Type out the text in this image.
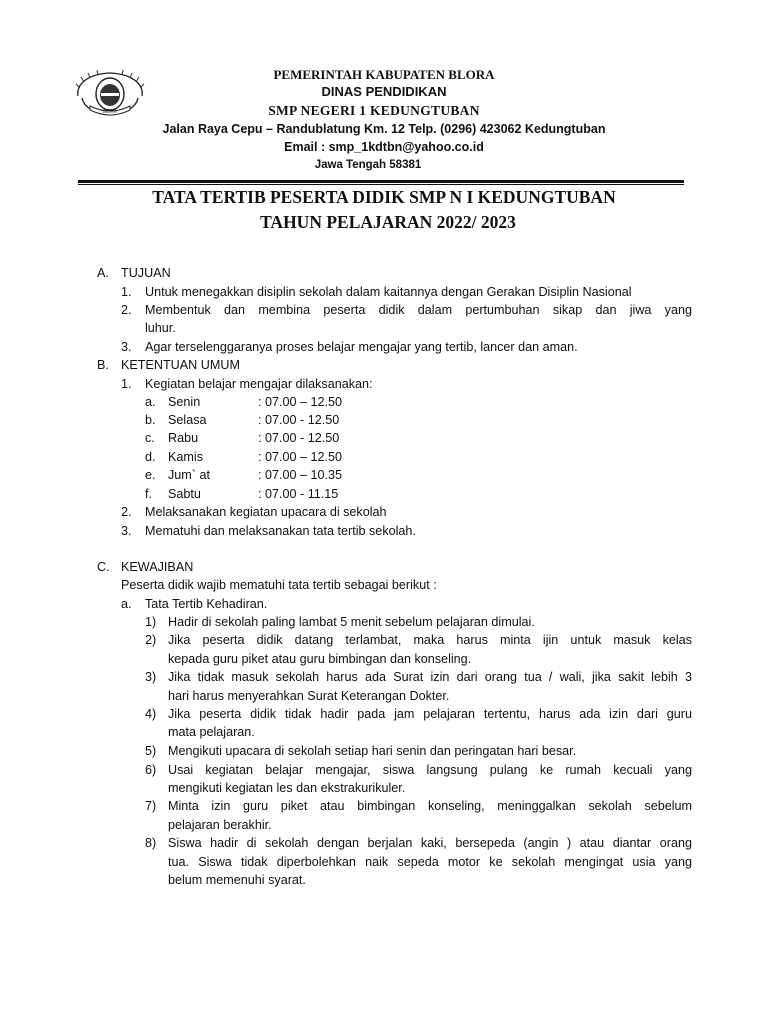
BLORA
PEMERINTAH KABUPATEN BLORA
DINAS PENDIDIKAN
SMP NEGERI 1 KEDUNGTUBAN
Jalan Raya Cepu – Randublatung Km. 12 Telp. (0296) 423062 Kedungtuban
Email : smp_1kdtbn@yahoo.co.id
Jawa Tengah 58381
TATA TERTIB PESERTA DIDIK SMP N I KEDUNGTUBAN
TAHUN PELAJARAN 2022/ 2023
A. TUJUAN
1. Untuk menegakkan disiplin sekolah dalam kaitannya dengan Gerakan Disiplin Nasional
2. Membentuk dan membina peserta didik dalam pertumbuhan sikap dan jiwa yang
luhur.
3. Agar terselenggaranya proses belajar mengajar yang tertib, lancer dan aman.
B. KETENTUAN UMUM
1. Kegiatan belajar mengajar dilaksanakan:
a. Senin	: 07.00 – 12.50
b. Selasa	: 07.00 - 12.50
c. Rabu	: 07.00 - 12.50
d. Kamis	: 07.00 – 12.50
e. Jum` at	: 07.00 – 10.35
f. Sabtu	: 07.00 - 11.15
2. Melaksanakan kegiatan upacara di sekolah
3. Mematuhi dan melaksanakan tata tertib sekolah.
C. KEWAJIBAN
Peserta didik wajib mematuhi tata tertib sebagai berikut :
a. Tata Tertib Kehadiran.
1) Hadir di sekolah paling lambat 5 menit sebelum pelajaran dimulai.
2) Jika peserta didik datang terlambat, maka harus minta ijin untuk masuk kelas
kepada guru piket atau guru bimbingan dan konseling.
3) Jika tidak masuk sekolah harus ada Surat izin dari orang tua / wali, jika sakit lebih 3
hari harus menyerahkan Surat Keterangan Dokter.
4) Jika peserta didik tidak hadir pada jam pelajaran tertentu, harus ada izin dari guru
mata pelajaran.
5) Mengikuti upacara di sekolah setiap hari senin dan peringatan hari besar.
6) Usai kegiatan belajar mengajar, siswa langsung pulang ke rumah kecuali yang
mengikuti kegiatan les dan ekstrakurikuler.
7) Minta izin guru piket atau bimbingan konseling, meninggalkan sekolah sebelum
pelajaran berakhir.
8) Siswa hadir di sekolah dengan berjalan kaki, bersepeda (angin ) atau diantar orang
tua. Siswa tidak diperbolehkan naik sepeda motor ke sekolah mengingat usia yang
belum memenuhi syarat.
